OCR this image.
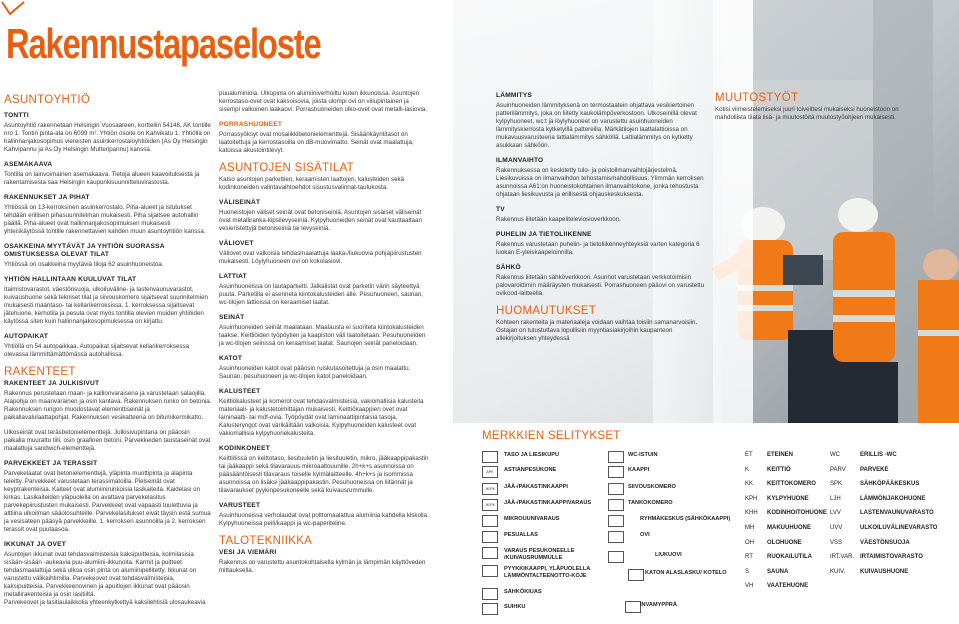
Rakennustapaseloste
ASUNTOYHTIÖ
TONTTI

Asuntoyhtiö rakennetaan Helsingin Vuosaareen, kortteliin 54148, AK tontille nro 1. Tontin pinta-ala on 6099 m². Yhtiön osoite on Kahvikatu 1. Yhtiöllä on hallinnanjakosopimus viereisten asuinkerrostaloyhtiöiden (As Oy Helsingin Kahvipannu ja As Oy Helsingin Mutteripannu) kanssa.

ASEMAKAAVA

Tontilla on lainvoimainen asemakaava. Tietoja alueen kaavoituksesta ja rakentamisesta saa Helsingin kaupunkisuunnitteluvirastosta.

RAKENNUKSET JA PIHAT

Yhtiössä on 13-kerroksinen asuinkerrostalo. Piha-alueet ja istutukset tehdään erillisen pihasuunnitelman mukaisesti. Piha sijaitsee autohallin päällä. Piha-alueet ovat hallinnanjakosopimuksen mukaisesti yhteiskäytössä tontille rakennettavien kahden muun asuntoyhtiön kanssa.

OSAKKEINA MYYTÄVÄT JA YHTIÖN SUORASSA OMISTUKSESSA OLEVAT TILAT

Yhtiössä on osakkeina myytäviä tiloja 62 asuinhuoneistoa.

YHTIÖN HALLINTAAN KUULUVAT TILAT

Itaimistovarastot, väestönsuoja, ulkoiluväline- ja lastenvaunuvarastot, kuivaushuone sekä tekniset tilat ja siivouskomero sijaitsevat suunnitelmien mukaisesti maantaso- tai kellarikerroksissa. 1. kerroksessa sijaitsevat jätehuone, kerhotila ja pesula ovat myös tontilla olevien muiden yhtiöiden käytössä siten kuin hallinnanjakosopimuksessa on kirjattu.

AUTOPAIKAT

Yhtiöllä on 54 autopaikkaa. Autopaikat sijaitsevat kellarikerroksessa olevassa lämmittämättömässä autohallissa.

RAKENTEET
RAKENTEET JA JULKISIVUT

Rakennus perustetaan maan- ja kallionvaraisena ja varustetaan salaojilla. Alapohja on maanvarainen ja osin kantava. Rakennuksen runko on betonia. Rakennuksen rungon muodostavat elementtiseinät ja paikallavalulaattapohjat. Rakennuksen vesikatteena on bitumikermikatto.

Ulkoseinät ovat teräsbetonielementtejä. Julkisivupintana on pääosin paikalla muurattu tiili, osin graafinen betoni. Parvekkeiden taustaseinät ovat maalattuja sandwich-elementtejä.

PARVEKKEET JA TERASSIT

Parvekelaatat ovat betonielementtejä, yläpinta muottipinta ja alapinta teleitty. Parvekkeet varustetaan terassimatoilla. Pielseinät ovat keyptrakenteisia. Kaiteet ovat alumiinirunkoisia lasikaiteita. Kaidelasi on kirkas. Lasikaiteiden yläpuolella on avattava parvekelasitus parvekepiirustusten mukaisesti. Parvekkeet ovat vapaasti tuulettuvia ja alttiina ulkoilman sääolosuhteille. Parvekelasitukset eivät täysin estä sumua ja vesisateen pääsyä parvekkeille. 1. kerroksen asunnoilla ja 2. kerroksen terassit ovat puutaasoa.

IKKUNAT JA OVET

Asuntojen ikkunat ovat tehdasvalmisteisia kaksipuitteisia, kolmilasisia sisään-sisään -aukeavia puu-alumiini-ikkunoita. Karmit ja puitteet tehdasmaalattuja sekä ulkoa osin pinta on alumiinipellitetty. Ikkunat on varustettu välikaihtimilla. Parvekeovet ovat tehdasvalmisteisia, kaksipuitteisia. Parvekkeenovinen ja apuitlojen ikkunat ovat pääosin metallirakenteisia ja osin lasitiiltä.

Parvekeovet ja lasitiaulaikkolia yhteenkytkettyä kaksilehtisiä ulosaukeavia

puualuminioia. Ulkopinta on alumiiniverhoiltu kuten ikkunoissa. Asuntojen kerrostaso-ovet ovat kaksoisovia, joista ulompi ovi on viilupintainen ja sisempi valkoinen laakaovi. Porrashuoneiden ulko-ovet ovat metalli-lasiovia.

PORRASHUONEET

Porrassyöksyt ovat mosaiikkibetonielementtejä. Sisäänkäyntitasot on laatoitettuja ja kerrostasoilla on dB-muovimatto. Seinät ovat maalattuja, katoissa akustointilevyt.

ASUNTOJEN SISÄTILAT

Katso asuntojen parkettien, keraamisten laattojen, kalusteiden sekä kodinkoneiden valintavaihtoehdot sisustusvalinnat-taulukosta.

VÄLISEINÄT

Huoneistojen väliset seinät ovat betoniseiniä. Asuntojen sisäiset väliseinät ovat metallirankа-kipsilevyseiniä. Kylpyhuoneiden seinät ovat kauttaaltaan vesieristettyjä betoniseiniä tai levyseiniä.

VÄLIOVET

Väliovet ovat valkoisia tehdasmaalattuja laaka-/liukuovia pohjapiirustusten mukaisesti. Löylyhuoneen ovi on kokolasiovi.

LATTIAT

Asuinhuoneissa on lautaparketti. Jalkalistat ovat parketin värin säyteettyä puuta. Parketilla ei asenneta kiintokalusteiden alle. Pesuhuoneen, saunan, wc-tilojen lattioissa on keraamiset laatat.

SEINÄT

Asuinhuoneiden seinät maalataan. Maalausta ei suoriteta kiintokalusteiden taakse. Keittiöiden työpöytien ja kaapiston väli laatoitetaan. Pesuhuoneiden ja wc-tilojen seinissä on keraamiset laatat. Saunojen seinät paneloidaan.

KATOT

Asuinhuoneiden katot ovat pääosin ruiskutasoitettuja ja osin maalattu. Saunan, pesuhuoneen ja wc-tilojen katot paneloidaan.

KALUSTEET

Keittiökalusteet ja komerot ovat tehdasvalmisteisia, vakiomallisia kalusteita materiaali- ja kalustetoimittajan mukaisesti. Keittiökaappien ovet ovat laminaatti- tai mdf-ovia. Työpöydät ovat laminaattipintaisia tasoja. Kalusteryngot ovat värikäiltään valkoisia. Kylpyhuoneiden kalusteet ovat vakiomallisia kylpyhuonekalusteita.

KODINKONEET

Keittiöissä on keittotaso, liesituuletin ja liesituuletin, mikro, jääkaappipakastin tai jääkaappi sekä tilavarauus mikroaaltouunille. 2h+k+s asunnoissa on pääsääntöisesti tilavaraus toiselle kylmälaitteelle. 4h+k+s ja isommissa asunnoissa on lisäksi jääkaappipakastin. Pesuhuoneissa on liitännät ja tilavaraukset pyykinpesukoneelle sekä kuivausrummulle.

VARUSTEET

Asuinhuoneissa verholaudat ovat polttomaalattua alumiinia kahdella kiskolla. Kylpyhuoneissa peili/kaappi ja wc-paperiteline.

TALOTEKNIIKKA
VESI JA VIEMÄRI

Rakennus on varustettu asuntokohtaisella kylmän ja lämpimän käyttöveden mittauksella.

LÄMMITYS

Asuinhuoneiden lämmityksenä on termostaatein ohjattava vesikiertoinen patterilämmitys, joka on liitetty kaukolämpöverkostoon. Ulkoseinillä olevat kylpyhuoneet, wc:t ja löylyhuoneet on varustettu asuinhuoneiden lämmityskierrosta kytketyillä pattereilla. Märkätilojen laattalattioissa on mukavuusvarusteena lattialämmitys sähköllä. Lattialämmitys on kytketty asukkaan sähköön.

ILMANVAIHTO

Rakennuksessa on keskitetty tulo- ja poistoilmanvaihtojärjestelmä. Liesikuvuissa on ilmanvaihdon tehostamismahdollisuus. Ylimmän kerroksen asunnoissa A61:on huoneistokohtainen ilmanvaihtokone, jonka tehostusta ohjataan liesikuvusta ja erillisestä ohjauskeskuksesta.

TV

Rakennus liitetään kaapeliteleviosioverkkoon.

PUHELIN JA TIETOLIIKENNE

Rakennus varustetaan puhelin- ja tietoliikenneyhteyksiä varten kategoria 6 luokan E-yleiskaapeloinnilla.

SÄHKÖ

Rakennus liitetään sähköverkkoon. Asunnot varustetaan verkkotoimisin palovaroittimin määräysten mukaisesti. Porrashuoneen pääovi on varustettu ovikood-laitteella.

HUOMAUTUKSET

Kohteen rakenteita ja materiaaleja voidaan vaihtaa toisiin samanarvoisiin. Ostajan on tutustuttava lopullisiin myyntiasiakirjoihin kaupanteon allekirjoituksen yhteydessä

MUUTOSTYÖT

Kotisi viimeistelemiseksi juuri toiveittesi mukaiseksi huoneistoon on mahdollista tilata lisä- ja muutostöitä muutostyöohjeen mukaisesti.

MERKKIEN SELITYKSET
TASO JA LIESIKUPU
APK	ASTIANPESUKONE
JK/PK	JÄÄ-/PAKASTINKAAPPI
JK/PK	JÄÄ-/PAKASTINKAAPPIVARAUS
MIKROUUNIVARAUS
PESUALLAS
VARAUS PESUKONEELLE /KUIVAUSRUMMULLE
PYYKKIKAAPPI, YLÄPUOLELLA LÄMMÖNTALTEENOTTO-KOJE
SÄHKÖKIUAS
SUIHKU
WC-ISTUIN
KAAPPI
SIIVOUSKOMERO
TANKOKOMERO
RYHMÄKESKUS (SÄHKÖKAAPPI)
OVI
LIUKUOVI
KATON ALASLASKU/ KOTELO
INVAMYPPRÄ
ET ETEINEN
K	KEITTIÖ
KK KEITTOKOMERO
KPH KYLPYHUONE
KHH KODINHOITOHUONE
MH MAKUUHUONE
OH OLOHUONE
RT RUOKAILUTILA
S	SAUNA
VH VAATEHUONE
WC	ERILLIS -WC
PARV PARVEKE
SPK	SÄHKÖPÄÄKESKUS
LJH	LÄMMÖNJAKOHUONE
LVV	LASTENVAUNUVARASTO
UVV	ULKOILUVÄLINEVARASTO
VSS	VÄESTÖNSUOJA
IRT.VAR. IRTAIMISTOVARASTO
KUIV. KUIVAUSHUONE
